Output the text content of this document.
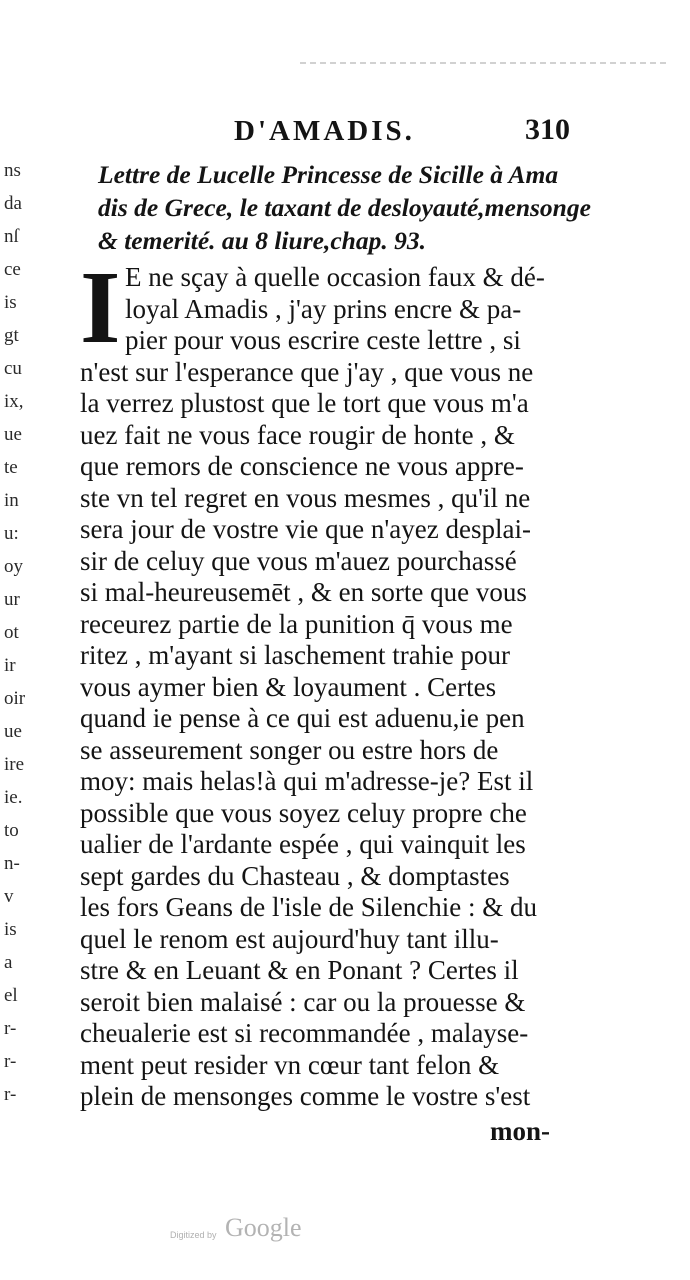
ns
da
nſ
ce
is
gt
cu
ix,
ue
te
in
u:
oy
ur
ot
ir
oir
ue
ire
ie.
to
n-
v
is
a
el
r-
r-
r-
D'AMADIS.	310

Lettre de Lucelle Princesse de Sicille à Ama

dis de Grece, le taxant de desloyauté,mensonge

& temerité. au 8 liure,chap. 93.

I E ne sçay à quelle occasion faux & dé-
loyal Amadis , j'ay prins encre & pa-
pier pour vous escrire ceste lettre , si
n'est sur l'esperance que j'ay , que vous ne
la verrez plustost que le tort que vous m'a
uez fait ne vous face rougir de honte , &
que remors de conscience ne vous appre-
ste vn tel regret en vous mesmes , qu'il ne
sera jour de vostre vie que n'ayez desplai-
sir de celuy que vous m'auez pourchassé
si mal-heureusemēt , & en sorte que vous
receurez partie de la punition q̄ vous me
ritez , m'ayant si laschement trahie pour
vous aymer bien & loyaument . Certes
quand ie pense à ce qui est aduenu,ie pen
se asseurement songer ou estre hors de
moy: mais helas!à qui m'adresse-je? Est il
possible que vous soyez celuy propre che
ualier de l'ardante espée , qui vainquit les
sept gardes du Chasteau , & domptastes
les fors Geans de l'isle de Silenchie : & du
quel le renom est aujourd'huy tant illu-
stre & en Leuant & en Ponant ? Certes il
seroit bien malaisé : car ou la prouesse &
cheualerie est si recommandée , malayse-
ment peut resider vn cœur tant felon &
plein de mensonges comme le vostre s'est
mon-
Digitized by Google
